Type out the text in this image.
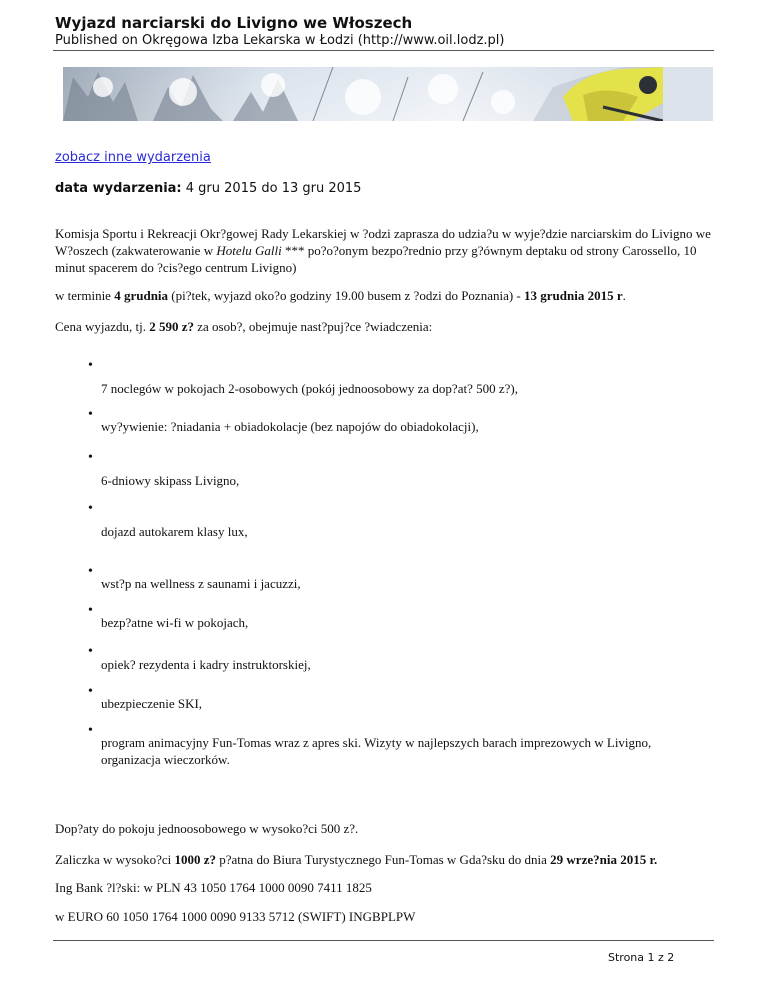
Wyjazd narciarski do Livigno we Włoszech
Published on Okręgowa Izba Lekarska w Łodzi (http://www.oil.lodz.pl)
zobacz inne wydarzenia
data wydarzenia: 4 gru 2015 do 13 gru 2015
Komisja Sportu i Rekreacji Okr?gowej Rady Lekarskiej w ?odzi zaprasza do udzia?u w wyje?dzie narciarskim do Livigno we W?oszech (zakwaterowanie w Hotelu Galli *** po?o?onym bezpo?rednio przy g?ównym deptaku od strony Carossello, 10 minut spacerem do ?cis?ego centrum Livigno)
w terminie 4 grudnia (pi?tek, wyjazd oko?o godziny 19.00 busem z ?odzi do Poznania) - 13 grudnia 2015 r.
Cena wyjazdu, tj. 2 590 z? za osob?, obejmuje nast?puj?ce ?wiadczenia:
•
7 noclegów w pokojach 2-osobowych (pokój jednoosobowy za dop?at? 500 z?),
•
wy?ywienie: ?niadania + obiadokolacje (bez napojów do obiadokolacji),
•
6-dniowy skipass Livigno,
•
dojazd autokarem klasy lux,
•
wst?p na wellness z saunami i jacuzzi,
•
bezp?atne wi-fi w pokojach,
•
opiek? rezydenta i kadry instruktorskiej,
•
ubezpieczenie SKI,
•
program animacyjny Fun-Tomas wraz z apres ski. Wizyty w najlepszych barach imprezowych w Livigno, organizacja wieczorków.
Dop?aty do pokoju jednoosobowego w wysoko?ci 500 z?.
Zaliczka w wysoko?ci 1000 z? p?atna do Biura Turystycznego Fun-Tomas w Gda?sku do dnia 29 wrze?nia 2015 r.
Ing Bank ?l?ski: w PLN 43 1050 1764 1000 0090 7411 1825
w EURO 60 1050 1764 1000 0090 9133 5712 (SWIFT) INGBPLPW
Strona 1 z 2
